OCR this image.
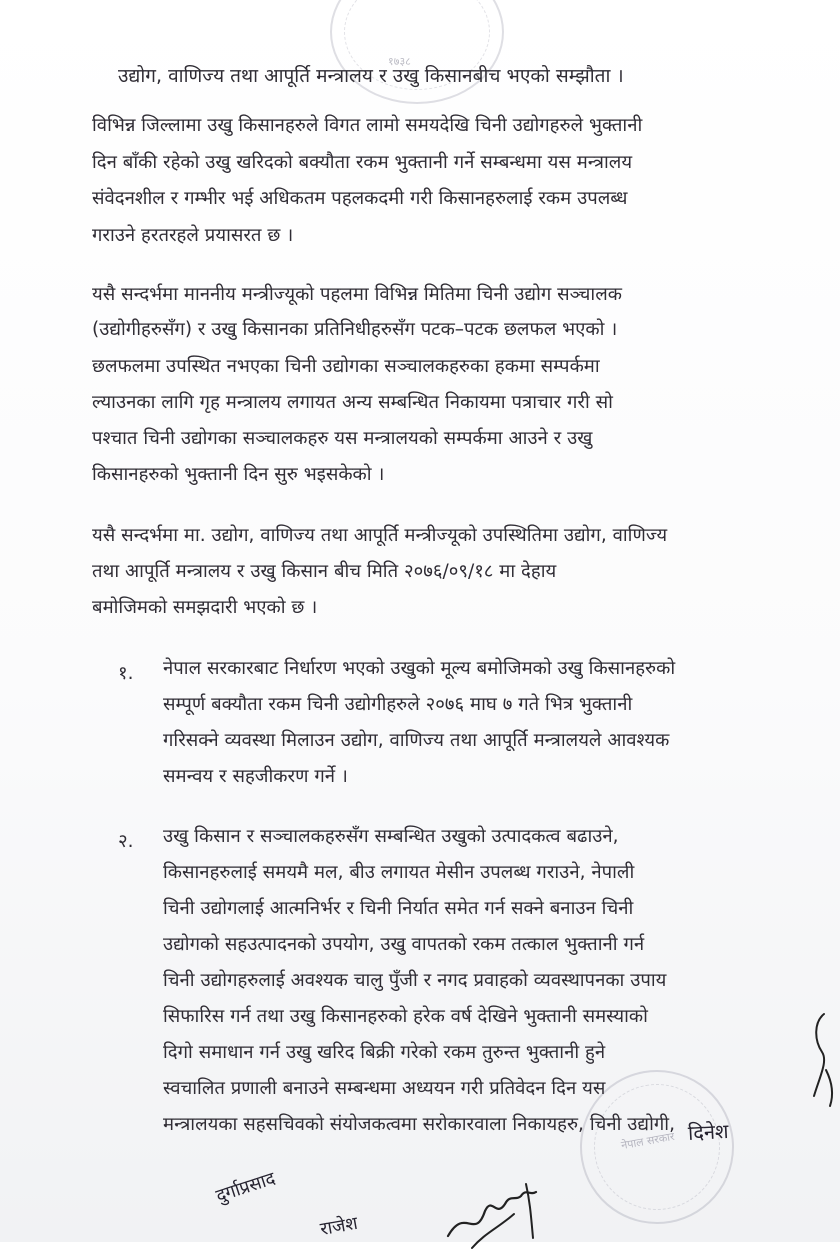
१७३८
नेपाल सरकार
उद्योग, वाणिज्य तथा आपूर्ति मन्त्रालय र उखु किसानबीच भएको सम्झौता ।
विभिन्न जिल्लामा उखु किसानहरुले विगत लामो समयदेखि चिनी उद्योगहरुले भुक्तानी
दिन बाँकी रहेको उखु खरिदको बक्यौता रकम भुक्तानी गर्ने सम्बन्धमा यस मन्त्रालय
संवेदनशील र गम्भीर भई अधिकतम पहलकदमी गरी किसानहरुलाई रकम उपलब्ध
गराउने हरतरहले प्रयासरत छ ।
यसै सन्दर्भमा माननीय मन्त्रीज्यूको पहलमा विभिन्न मितिमा चिनी उद्योग सञ्चालक
(उद्योगीहरुसँग) र उखु किसानका प्रतिनिधीहरुसँग पटक–पटक छलफल भएको ।
छलफलमा उपस्थित नभएका चिनी उद्योगका सञ्चालकहरुका हकमा सम्पर्कमा
ल्याउनका लागि गृह मन्त्रालय लगायत अन्य सम्बन्धित निकायमा पत्राचार गरी सो
पश्चात चिनी उद्योगका सञ्चालकहरु यस मन्त्रालयको सम्पर्कमा आउने र उखु
किसानहरुको भुक्तानी दिन सुरु भइसकेको ।
यसै सन्दर्भमा मा. उद्योग, वाणिज्य तथा आपूर्ति मन्त्रीज्यूको उपस्थितिमा उद्योग, वाणिज्य
तथा आपूर्ति मन्त्रालय र उखु किसान बीच मिति २०७६/०९/१८ मा देहाय
बमोजिमको समझदारी भएको छ ।
१. नेपाल सरकारबाट निर्धारण भएको उखुको मूल्य बमोजिमको उखु किसानहरुको
सम्पूर्ण बक्यौता रकम चिनी उद्योगीहरुले २०७६ माघ ७ गते भित्र भुक्तानी
गरिसक्ने व्यवस्था मिलाउन उद्योग, वाणिज्य तथा आपूर्ति मन्त्रालयले आवश्यक
समन्वय र सहजीकरण गर्ने ।
२. उखु किसान र सञ्चालकहरुसँग सम्बन्धित उखुको उत्पादकत्व बढाउने,
किसानहरुलाई समयमै मल, बीउ लगायत मेसीन उपलब्ध गराउने, नेपाली
चिनी उद्योगलाई आत्मनिर्भर र चिनी निर्यात समेत गर्न सक्ने बनाउन चिनी
उद्योगको सहउत्पादनको उपयोग, उखु वापतको रकम तत्काल भुक्तानी गर्न
चिनी उद्योगहरुलाई अवश्यक चालु पुँजी र नगद प्रवाहको व्यवस्थापनका उपाय
सिफारिस गर्न तथा उखु किसानहरुको हरेक वर्ष देखिने भुक्तानी समस्याको
दिगो समाधान गर्न उखु खरिद बिक्री गरेको रकम तुरुन्त भुक्तानी हुने
स्वचालित प्रणाली बनाउने सम्बन्धमा अध्ययन गरी प्रतिवेदन दिन यस
मन्त्रालयका सहसचिवको संयोजकत्वमा सरोकारवाला निकायहरु, चिनी उद्योगी,
दुर्गाप्रसाद
राजेश
दिनेश
